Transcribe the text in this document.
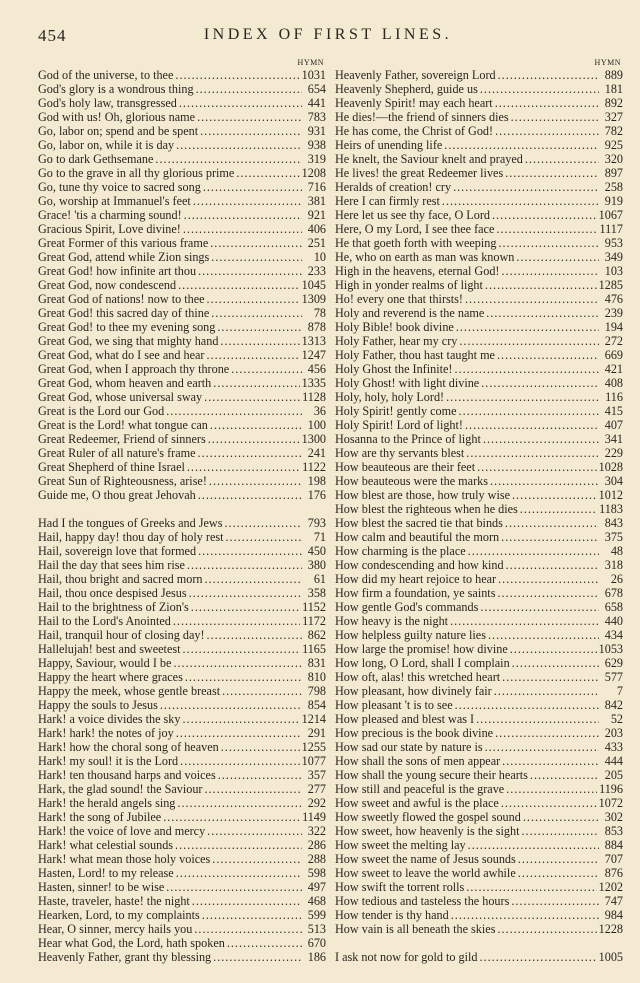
454	INDEX OF FIRST LINES.
HYMN
God of the universe, to thee .....	1031
God's glory is a wondrous thing .....	654
God's holy law, transgressed .....	441
God with us! Oh, glorious name .....	783
Go, labor on; spend and be spent .....	931
Go, labor on, while it is day .....	938
Go to dark Gethsemane .....	319
Go to the grave in all thy glorious prime .....	1208
Go, tune thy voice to sacred song .....	716
Go, worship at Immanuel's feet .....	381
Grace! 'tis a charming sound! .....	921
Gracious Spirit, Love divine! .....	406
Great Former of this various frame .....	251
Great God, attend while Zion sings .....	10
Great God! how infinite art thou .....	233
Great God, now condescend .....	1045
Great God of nations! now to thee .....	1309
Great God! this sacred day of thine .....	78
Great God! to thee my evening song .....	878
Great God, we sing that mighty hand .....	1313
Great God, what do I see and hear .....	1247
Great God, when I approach thy throne .....	456
Great God, whom heaven and earth .....	1335
Great God, whose universal sway .....	1128
Great is the Lord our God .....	36
Great is the Lord! what tongue can .....	100
Great Redeemer, Friend of sinners .....	1300
Great Ruler of all nature's frame .....	241
Great Shepherd of thine Israel .....	1122
Great Sun of Righteousness, arise! .....	198
Guide me, O thou great Jehovah .....	176
Had I the tongues of Greeks and Jews .....	793
Hail, happy day! thou day of holy rest .....	71
Hail, sovereign love that formed .....	450
Hail the day that sees him rise .....	380
Hail, thou bright and sacred morn .....	61
Hail, thou once despised Jesus .....	358
Hail to the brightness of Zion's .....	1152
Hail to the Lord's Anointed .....	1172
Hail, tranquil hour of closing day! .....	862
Hallelujah! best and sweetest .....	1165
Happy, Saviour, would I be .....	831
Happy the heart where graces .....	810
Happy the meek, whose gentle breast .....	798
Happy the souls to Jesus .....	854
Hark! a voice divides the sky .....	1214
Hark! hark! the notes of joy .....	291
Hark! how the choral song of heaven .....	1255
Hark! my soul! it is the Lord .....	1077
Hark! ten thousand harps and voices .....	357
Hark, the glad sound! the Saviour .....	277
Hark! the herald angels sing .....	292
Hark! the song of Jubilee .....	1149
Hark! the voice of love and mercy .....	322
Hark! what celestial sounds .....	286
Hark! what mean those holy voices .....	288
Hasten, Lord! to my release .....	598
Hasten, sinner! to be wise .....	497
Haste, traveler, haste! the night .....	468
Hearken, Lord, to my complaints .....	599
Hear, O sinner, mercy hails you .....	513
Hear what God, the Lord, hath spoken .....	670
Heavenly Father, grant thy blessing .....	186
HYMN
Heavenly Father, sovereign Lord .....	889
Heavenly Shepherd, guide us .....	181
Heavenly Spirit! may each heart .....	892
He dies!—the friend of sinners dies .....	327
He has come, the Christ of God! .....	782
Heirs of unending life .....	925
He knelt, the Saviour knelt and prayed .....	320
He lives! the great Redeemer lives .....	897
Heralds of creation! cry .....	258
Here I can firmly rest .....	919
Here let us see thy face, O Lord .....	1067
Here, O my Lord, I see thee face .....	1117
He that goeth forth with weeping .....	953
He, who on earth as man was known .....	349
High in the heavens, eternal God! .....	103
High in yonder realms of light .....	1285
Ho! every one that thirsts! .....	476
Holy and reverend is the name .....	239
Holy Bible! book divine .....	194
Holy Father, hear my cry .....	272
Holy Father, thou hast taught me .....	669
Holy Ghost the Infinite! .....	421
Holy Ghost! with light divine .....	408
Holy, holy, holy Lord! .....	116
Holy Spirit! gently come .....	415
Holy Spirit! Lord of light! .....	407
Hosanna to the Prince of light .....	341
How are thy servants blest .....	229
How beauteous are their feet .....	1028
How beauteous were the marks .....	304
How blest are those, how truly wise .....	1012
How blest the righteous when he dies .....	1183
How blest the sacred tie that binds .....	843
How calm and beautiful the morn .....	375
How charming is the place .....	48
How condescending and how kind .....	318
How did my heart rejoice to hear .....	26
How firm a foundation, ye saints .....	678
How gentle God's commands .....	658
How heavy is the night .....	440
How helpless guilty nature lies .....	434
How large the promise! how divine .....	1053
How long, O Lord, shall I complain .....	629
How oft, alas! this wretched heart .....	577
How pleasant, how divinely fair .....	7
How pleasant 't is to see .....	842
How pleased and blest was I .....	52
How precious is the book divine .....	203
How sad our state by nature is .....	433
How shall the sons of men appear .....	444
How shall the young secure their hearts .....	205
How still and peaceful is the grave .....	1196
How sweet and awful is the place .....	1072
How sweetly flowed the gospel sound .....	302
How sweet, how heavenly is the sight .....	853
How sweet the melting lay .....	884
How sweet the name of Jesus sounds .....	707
How sweet to leave the world awhile .....	876
How swift the torrent rolls .....	1202
How tedious and tasteless the hours .....	747
How tender is thy hand .....	984
How vain is all beneath the skies .....	1228
I ask not now for gold to gild .....	1005
